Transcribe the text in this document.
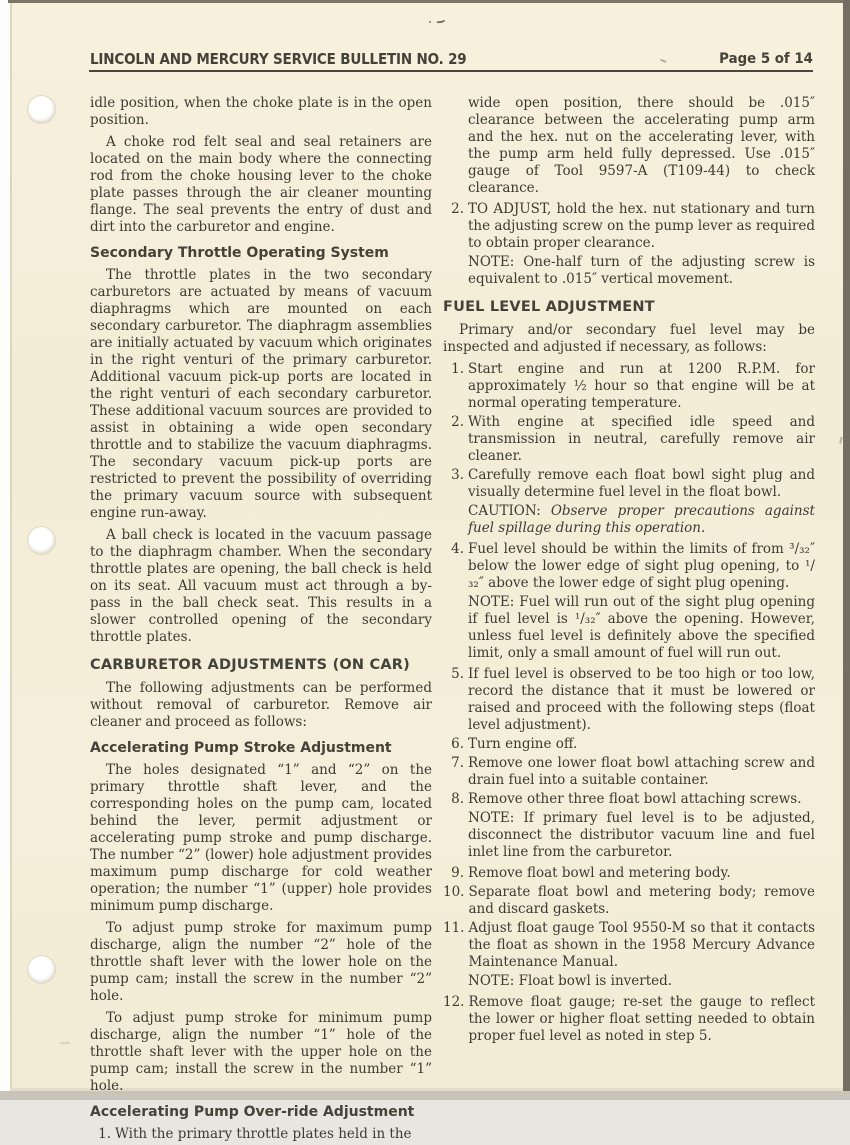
LINCOLN AND MERCURY SERVICE BULLETIN NO. 29	Page 5 of 14

idle position, when the choke plate is in the open position.

A choke rod felt seal and seal retainers are located on the main body where the connecting rod from the choke housing lever to the choke plate passes through the air cleaner mounting flange. The seal prevents the entry of dust and dirt into the carburetor and engine.

Secondary Throttle Operating System

The throttle plates in the two secondary carburetors are actuated by means of vacuum diaphragms which are mounted on each secondary carburetor. The diaphragm assemblies are initially actuated by vacuum which originates in the right venturi of the primary carburetor. Additional vacuum pick-up ports are located in the right venturi of each secondary carburetor. These additional vacuum sources are provided to assist in obtaining a wide open secondary throttle and to stabilize the vacuum diaphragms. The secondary vacuum pick-up ports are restricted to prevent the possibility of overriding the primary vacuum source with subsequent engine run-away.

A ball check is located in the vacuum passage to the diaphragm chamber. When the secondary throttle plates are opening, the ball check is held on its seat. All vacuum must act through a by-pass in the ball check seat. This results in a slower controlled opening of the secondary throttle plates.

CARBURETOR ADJUSTMENTS (ON CAR)

The following adjustments can be performed without removal of carburetor. Remove air cleaner and proceed as follows:

Accelerating Pump Stroke Adjustment

The holes designated “1” and “2” on the primary throttle shaft lever, and the corresponding holes on the pump cam, located behind the lever, permit adjustment or accelerating pump stroke and pump discharge. The number “2” (lower) hole adjustment provides maximum pump discharge for cold weather operation; the number “1” (upper) hole provides minimum pump discharge.

To adjust pump stroke for maximum pump discharge, align the number “2” hole of the throttle shaft lever with the lower hole on the pump cam; install the screw in the number “2” hole.

To adjust pump stroke for minimum pump discharge, align the number “1” hole of the throttle shaft lever with the upper hole on the pump cam; install the screw in the number “1” hole.

Accelerating Pump Over-ride Adjustment
1. With the primary throttle plates held in the

wide open position, there should be .015″ clearance between the accelerating pump arm and the hex. nut on the accelerating lever, with the pump arm held fully depressed. Use .015″ gauge of Tool 9597-A (T109-44) to check clearance.

2. TO ADJUST, hold the hex. nut stationary and turn the adjusting screw on the pump lever as required to obtain proper clearance.

NOTE: One-half turn of the adjusting screw is equivalent to .015″ vertical movement.

FUEL LEVEL ADJUSTMENT

Primary and/or secondary fuel level may be inspected and adjusted if necessary, as follows:

1. Start engine and run at 1200 R.P.M. for approximately ½ hour so that engine will be at normal operating temperature.
2. With engine at specified idle speed and transmission in neutral, carefully remove air cleaner.
3. Carefully remove each float bowl sight plug and visually determine fuel level in the float bowl.

CAUTION: Observe proper precautions against fuel spillage during this operation.

4. Fuel level should be within the limits of from ³/₃₂″ below the lower edge of sight plug opening, to ¹/₃₂″ above the lower edge of sight plug opening.

NOTE: Fuel will run out of the sight plug opening if fuel level is ¹/₃₂″ above the opening. However, unless fuel level is definitely above the specified limit, only a small amount of fuel will run out.

5. If fuel level is observed to be too high or too low, record the distance that it must be lowered or raised and proceed with the following steps (float level adjustment).
6. Turn engine off.
7. Remove one lower float bowl attaching screw and drain fuel into a suitable container.
8. Remove other three float bowl attaching screws.

NOTE: If primary fuel level is to be adjusted, disconnect the distributor vacuum line and fuel inlet line from the carburetor.

9. Remove float bowl and metering body.
10. Separate float bowl and metering body; remove and discard gaskets.
11. Adjust float gauge Tool 9550-M so that it contacts the float as shown in the 1958 Mercury Advance Maintenance Manual.

NOTE: Float bowl is inverted.

12. Remove float gauge; re-set the gauge to reflect the lower or higher float setting needed to obtain proper fuel level as noted in step 5.
